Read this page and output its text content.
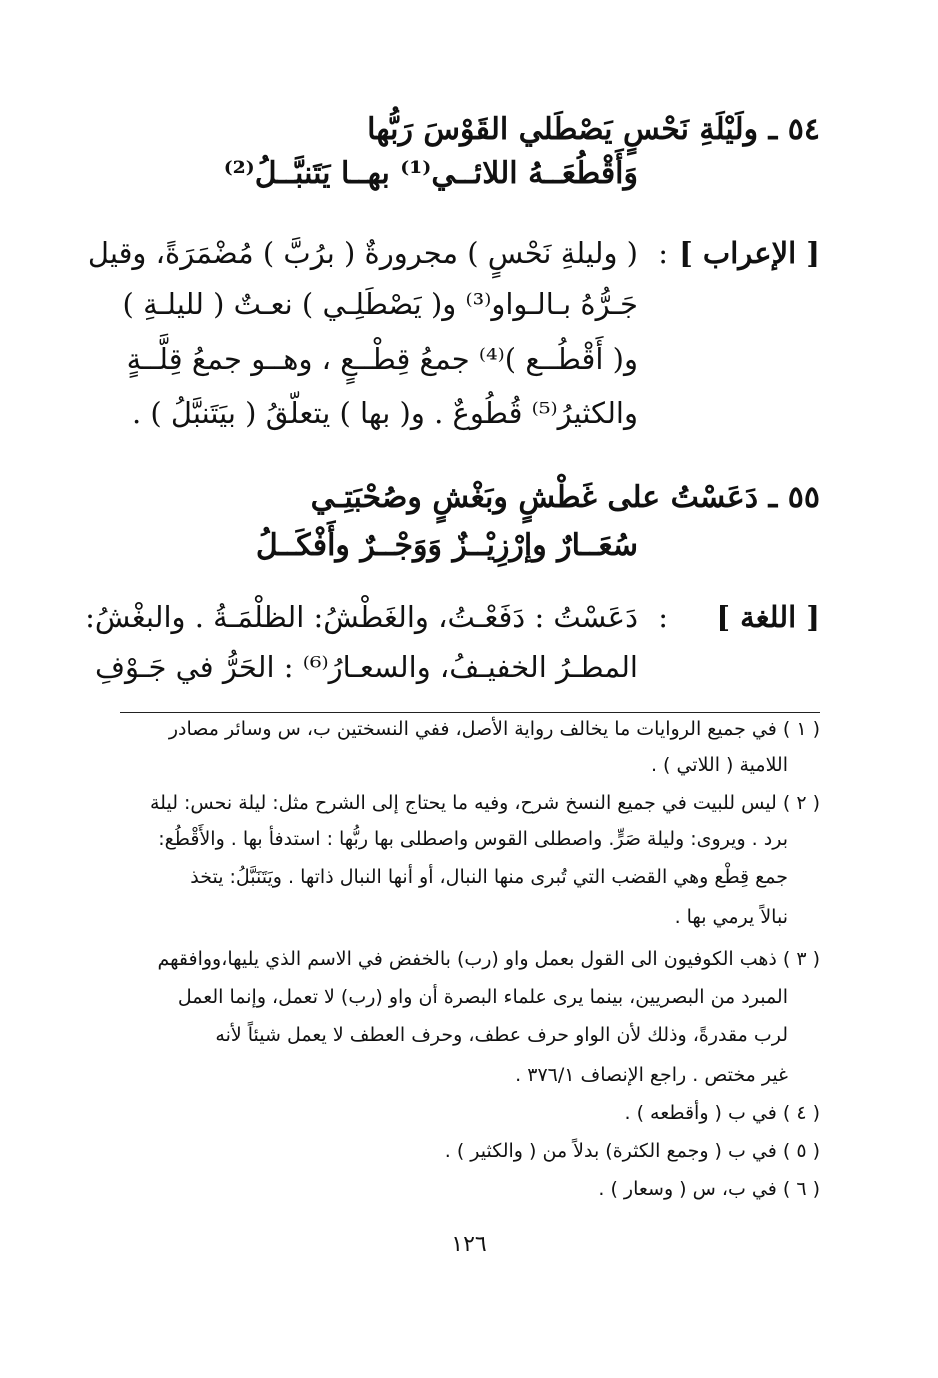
٥٤ ـ ولَيْلَةِ نَحْسٍ يَصْطَلي القَوْسَ رَبُّها
وَأَقْطُعَــهُ اللائــي⁽¹⁾ بهــا يَتَنبَّــلُ⁽²⁾
[ الإعراب ]
:
( وليلةِ نَحْسٍ ) مجرورةٌ ( برُبَّ ) مُضْمَرَةً، وقيل
جَـرُّهُ بـالـواو⁽³⁾ و( يَصْطَلِـي ) نعـتٌ ( لليلـةِ )
و( أَقْطُــع )⁽⁴⁾ جمعُ قِطْــعٍ ، وهــو جمعُ قِلَّــةٍ
والكثيرُ⁽⁵⁾ قُطُوعٌ . و( بها ) يتعلّقُ ( بيَتَنبَّلُ ) .
٥٥ ـ دَعَسْتُ على غَطْشٍ وبَغْشٍ وصُحْبَتِـي
سُعَــارٌ وإرْزِيْــزٌ وَوَجْــرٌ وأَفْكَــلُ
[ اللغة ]
:
دَعَسْتُ : دَفَعْـتُ، والغَطْشُ: الظلْمَـةُ . والبغْشُ:
المطـرُ الخفيـفُ، والسعـارُ⁽⁶⁾ : الحَرُّ في جَـوْفِ
( ١ ) في جميع الروايات ما يخالف رواية الأصل، ففي النسختين ب، س وسائر مصادر
اللامية ( اللاتي ) .
( ٢ ) ليس للبيت في جميع النسخ شرح، وفيه ما يحتاج إلى الشرح مثل: ليلة نحس: ليلة
برد . ويروى: وليلة صَرٍّ. واصطلى القوس واصطلى بها ربُّها : استدفأ بها . والأَقْطُع:
جمع قِطْع وهي القضب التي تُبرى منها النبال، أو أنها النبال ذاتها . ويَتَنَبَّلُ: يتخذ
نبالاً يرمي بها .
( ٣ ) ذهب الكوفيون الى القول بعمل واو (رب) بالخفض في الاسم الذي يليها،ووافقهم
المبرد من البصريين، بينما يرى علماء البصرة أن واو (رب) لا تعمل، وإنما العمل
لرب مقدرةً، وذلك لأن الواو حرف عطف، وحرف العطف لا يعمل شيئاً لأنه
غير مختص . راجع الإنصاف ٣٧٦/١ .
( ٤ ) في ب ( وأقطعه ) .
( ٥ ) في ب ( وجمع الكثرة) بدلاً من ( والكثير ) .
( ٦ ) في ب، س ( وسعار ) .
١٢٦
